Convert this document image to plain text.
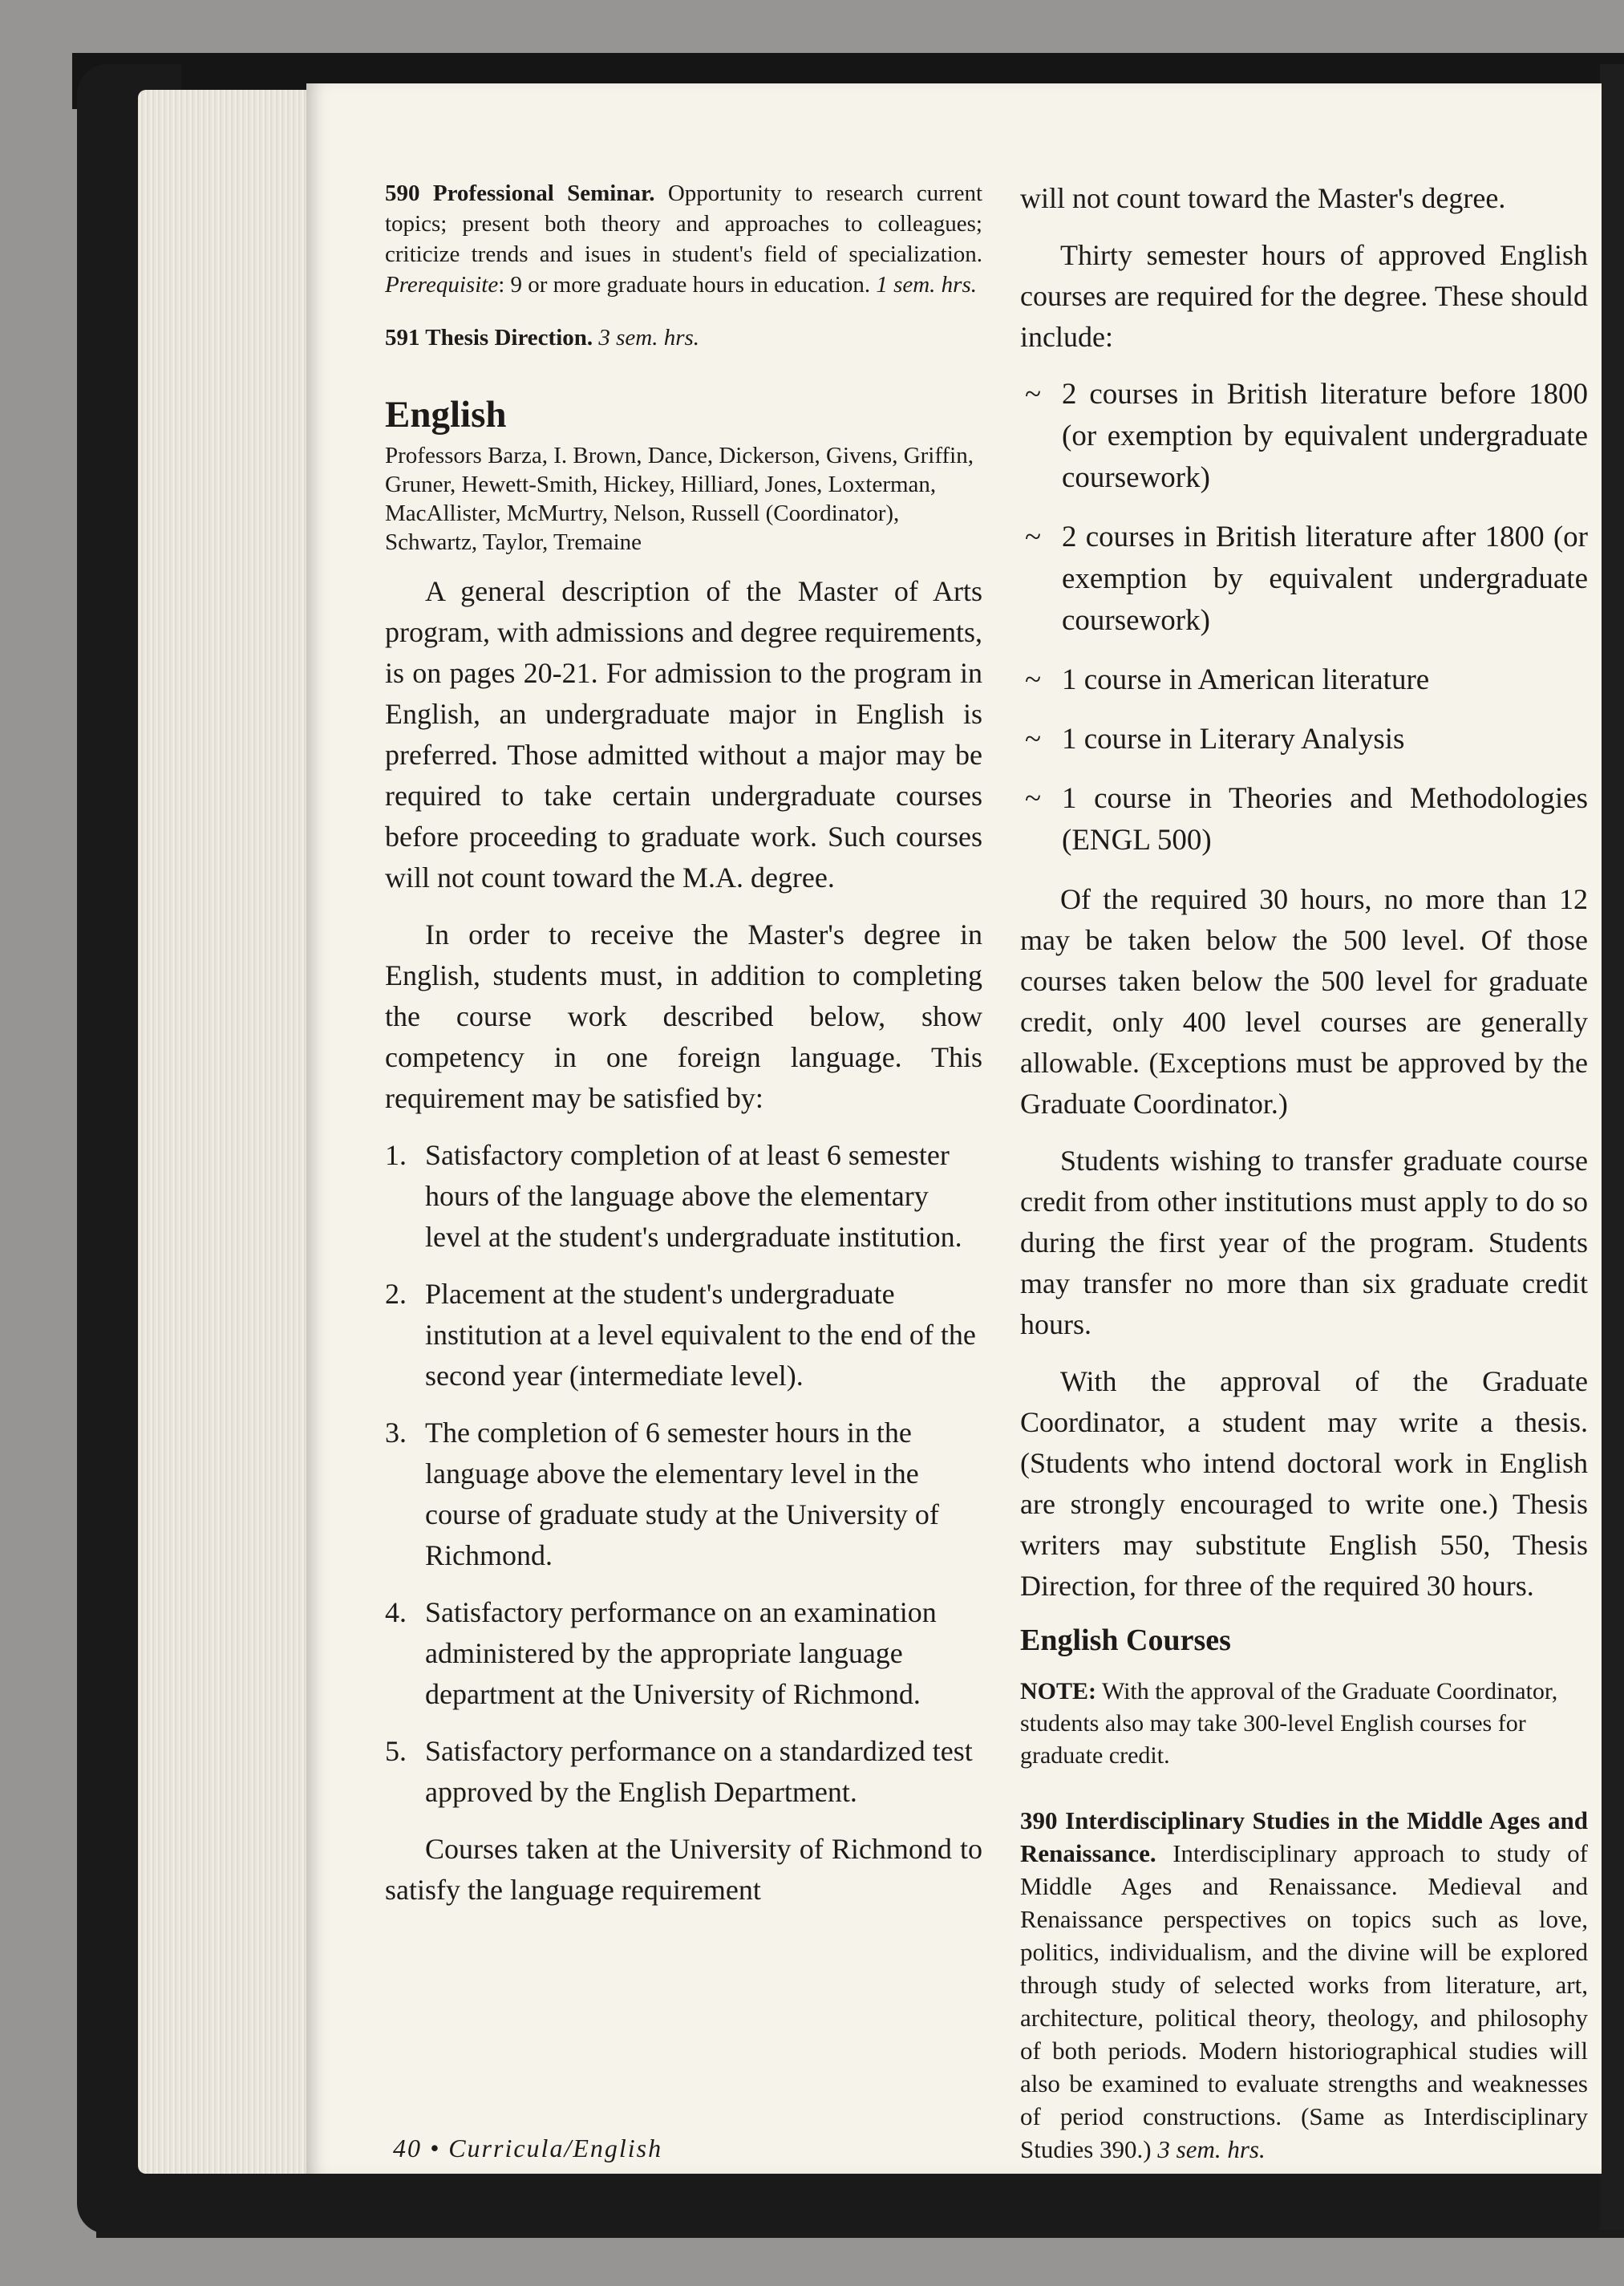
590 Professional Seminar. Opportunity to research current topics; present both theory and approaches to colleagues; criticize trends and isues in student's field of specialization. Prerequisite: 9 or more graduate hours in education. 1 sem. hrs.

591 Thesis Direction. 3 sem. hrs.

English

Professors Barza, I. Brown, Dance, Dickerson, Givens, Griffin, Gruner, Hewett-Smith, Hickey, Hilliard, Jones, Loxterman, MacAllister, McMurtry, Nelson, Russell (Coordinator), Schwartz, Taylor, Tremaine

A general description of the Master of Arts program, with admissions and degree requirements, is on pages 20-21. For admission to the program in English, an undergraduate major in English is preferred. Those admitted without a major may be required to take certain undergraduate courses before proceeding to graduate work. Such courses will not count toward the M.A. degree.

In order to receive the Master's degree in English, students must, in addition to completing the course work described below, show competency in one foreign language. This requirement may be satisfied by:

1. Satisfactory completion of at least 6 semester hours of the language above the elementary level at the student's undergraduate institution.
2. Placement at the student's undergraduate institution at a level equivalent to the end of the second year (intermediate level).
3. The completion of 6 semester hours in the language above the elementary level in the course of graduate study at the University of Richmond.
4. Satisfactory performance on an examination administered by the appropriate language department at the University of Richmond.
5. Satisfactory performance on a standardized test approved by the English Department.

Courses taken at the University of Richmond to satisfy the language requirement

will not count toward the Master's degree.

Thirty semester hours of approved English courses are required for the degree. These should include:

~ 2 courses in British literature before 1800 (or exemption by equivalent undergraduate coursework)
~ 2 courses in British literature after 1800 (or exemption by equivalent undergraduate coursework)
~ 1 course in American literature
~ 1 course in Literary Analysis
~ 1 course in Theories and Methodologies (ENGL 500)

Of the required 30 hours, no more than 12 may be taken below the 500 level. Of those courses taken below the 500 level for graduate credit, only 400 level courses are generally allowable. (Exceptions must be approved by the Graduate Coordinator.)

Students wishing to transfer graduate course credit from other institutions must apply to do so during the first year of the program. Students may transfer no more than six graduate credit hours.

With the approval of the Graduate Coordinator, a student may write a thesis. (Students who intend doctoral work in English are strongly encouraged to write one.) Thesis writers may substitute English 550, Thesis Direction, for three of the required 30 hours.

English Courses

NOTE: With the approval of the Graduate Coordinator, students also may take 300-level English courses for graduate credit.

390 Interdisciplinary Studies in the Middle Ages and Renaissance. Interdisciplinary approach to study of Middle Ages and Renaissance. Medieval and Renaissance perspectives on topics such as love, politics, individualism, and the divine will be explored through study of selected works from literature, art, architecture, political theory, theology, and philosophy of both periods. Modern historiographical studies will also be examined to evaluate strengths and weaknesses of period constructions. (Same as Interdisciplinary Studies 390.) 3 sem. hrs.

40 • Curricula/English
